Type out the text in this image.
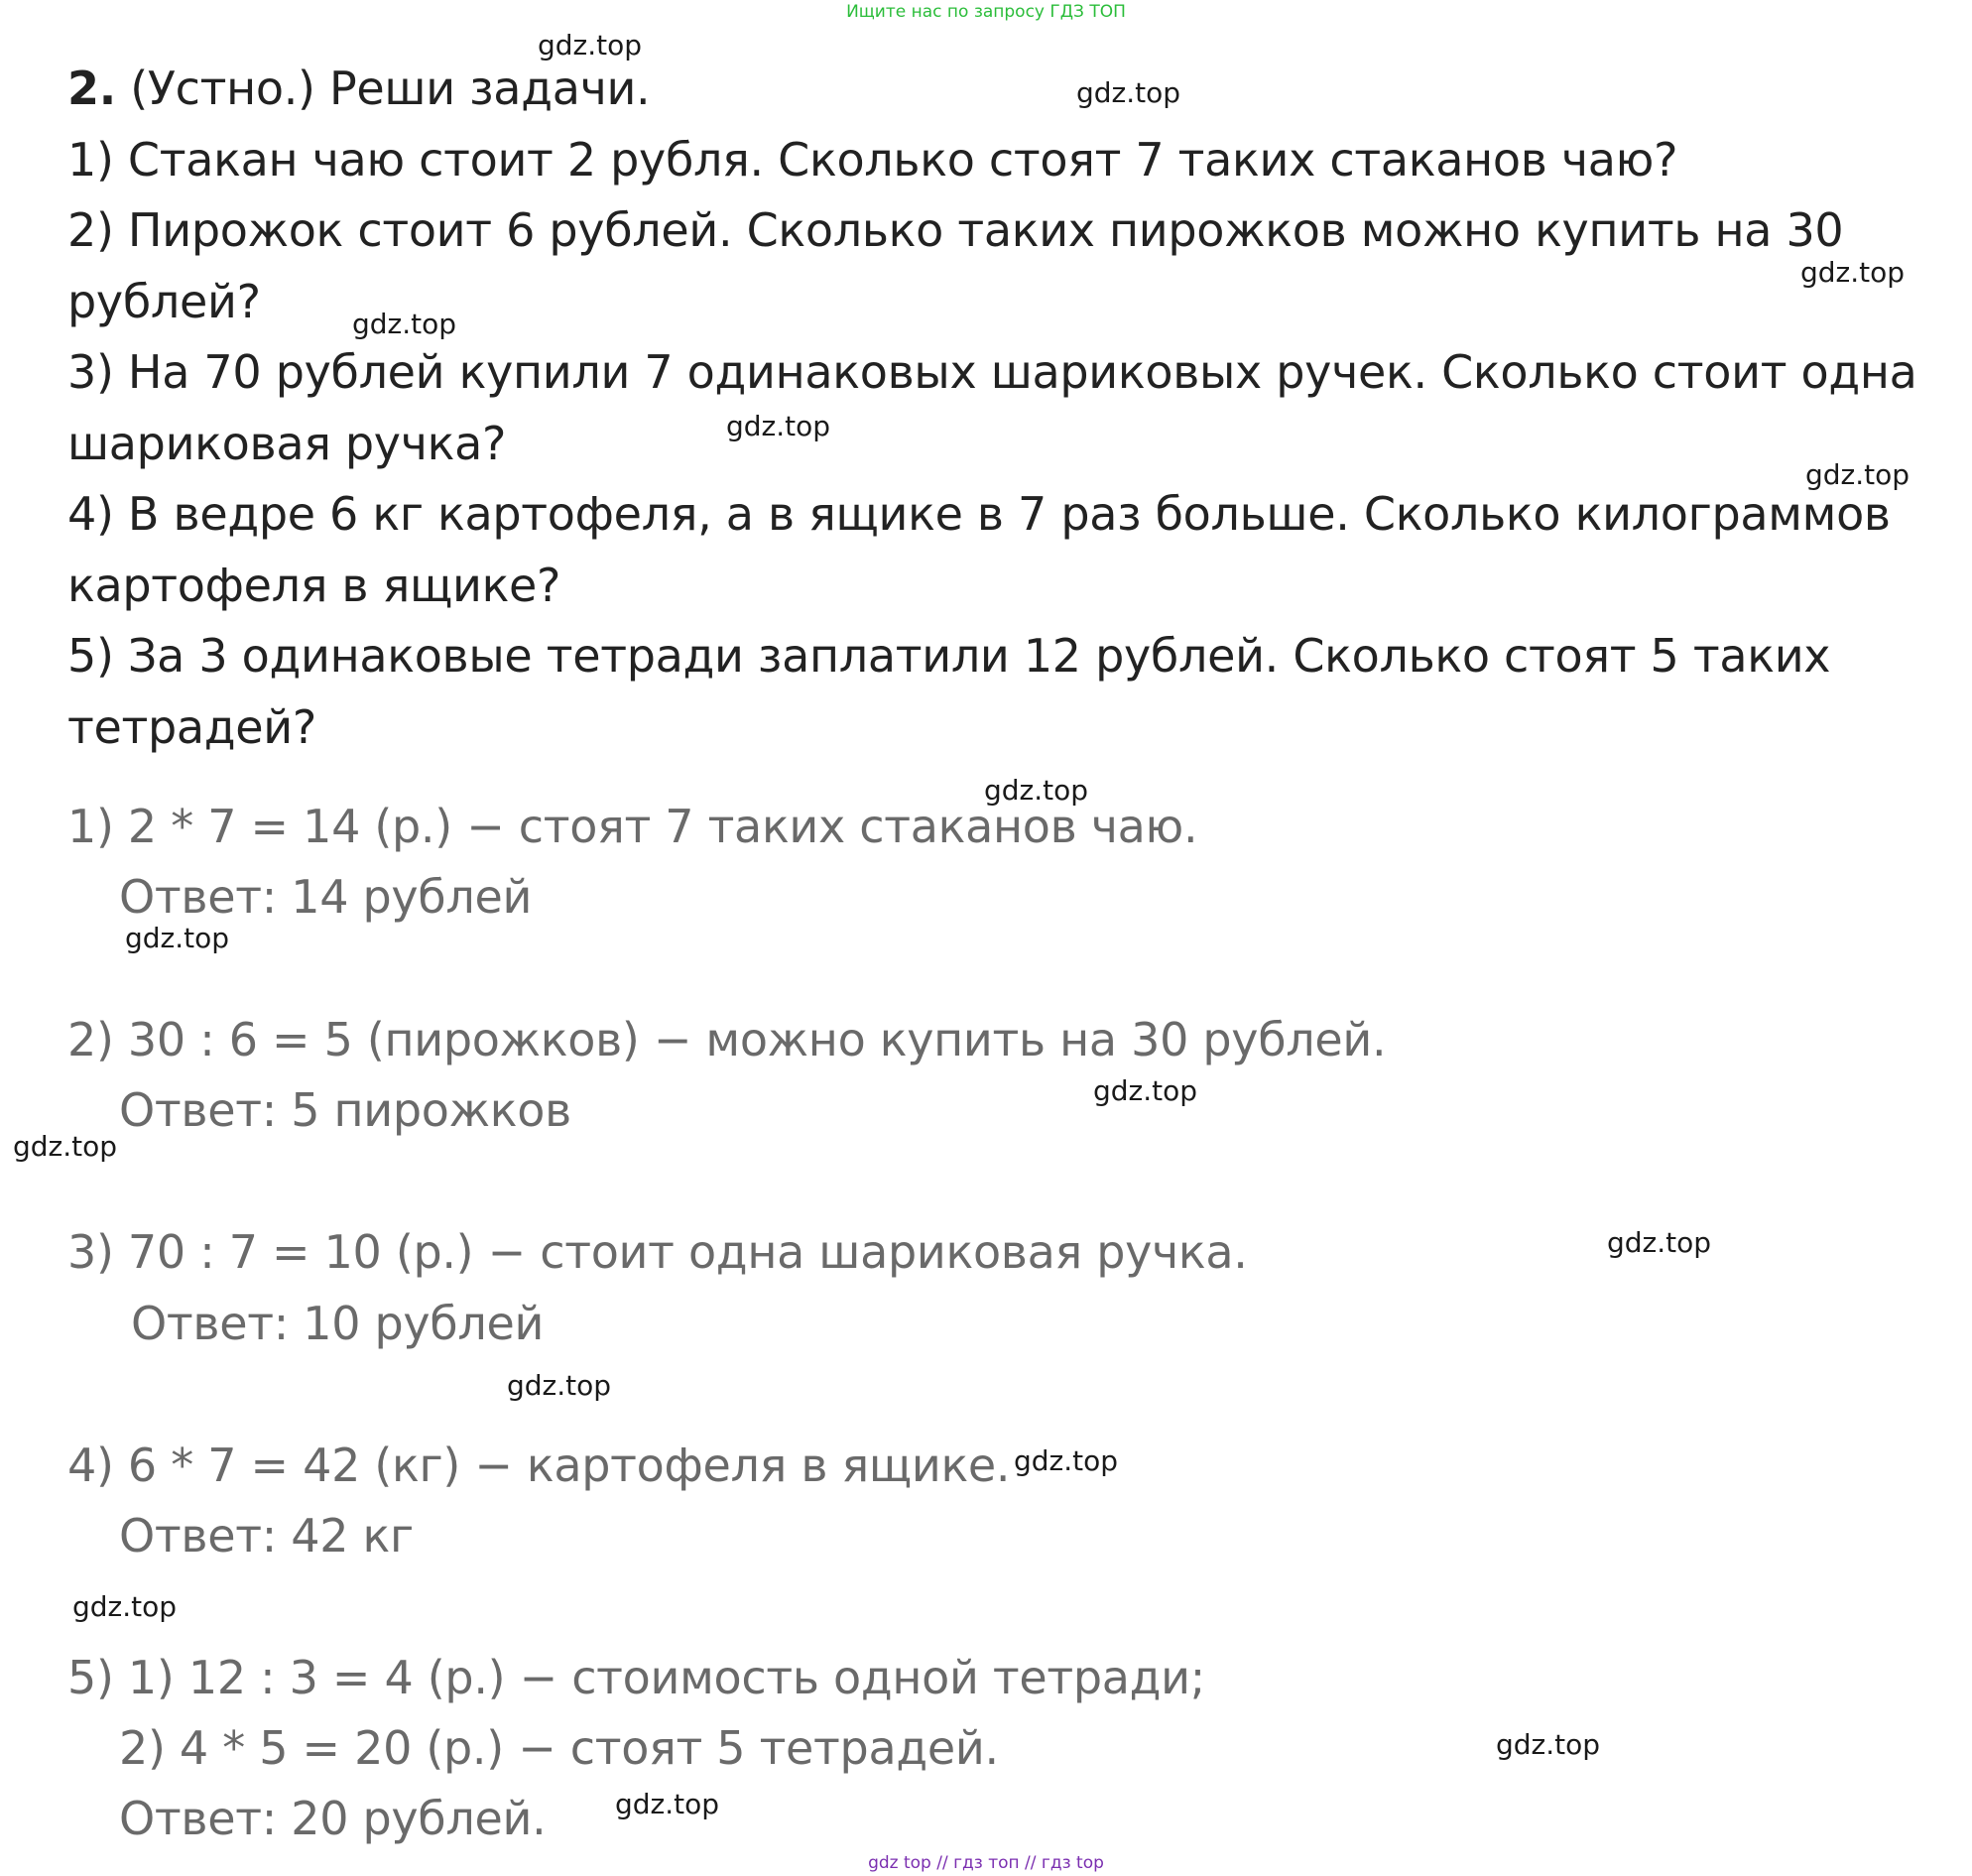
Ищите нас по запросу ГДЗ ТОП
2. (Устно.) Реши задачи.
1) Стакан чаю стоит 2 рубля. Сколько стоят 7 таких стаканов чаю?
2) Пирожок стоит 6 рублей. Сколько таких пирожков можно купить на 30
рублей?
3) На 70 рублей купили 7 одинаковых шариковых ручек. Сколько стоит одна
шариковая ручка?
4) В ведре 6 кг картофеля, а в ящике в 7 раз больше. Сколько килограммов
картофеля в ящике?
5) За 3 одинаковые тетради заплатили 12 рублей. Сколько стоят 5 таких
тетрадей?
1) 2 * 7 = 14 (р.) − стоят 7 таких стаканов чаю.
Ответ: 14 рублей
2) 30 : 6 = 5 (пирожков) − можно купить на 30 рублей.
Ответ: 5 пирожков
3) 70 : 7 = 10 (р.) − стоит одна шариковая ручка.
Ответ: 10 рублей
4) 6 * 7 = 42 (кг) − картофеля в ящике.
Ответ: 42 кг
5) 1) 12 : 3 = 4 (р.) − стоимость одной тетради;
2) 4 * 5 = 20 (р.) − стоят 5 тетрадей.
Ответ: 20 рублей.
gdz.top
gdz.top
gdz.top
gdz.top
gdz.top
gdz.top
gdz.top
gdz.top
gdz.top
gdz.top
gdz.top
gdz.top
gdz.top
gdz.top
gdz.top
gdz.top
gdz top // гдз топ // гдз top
